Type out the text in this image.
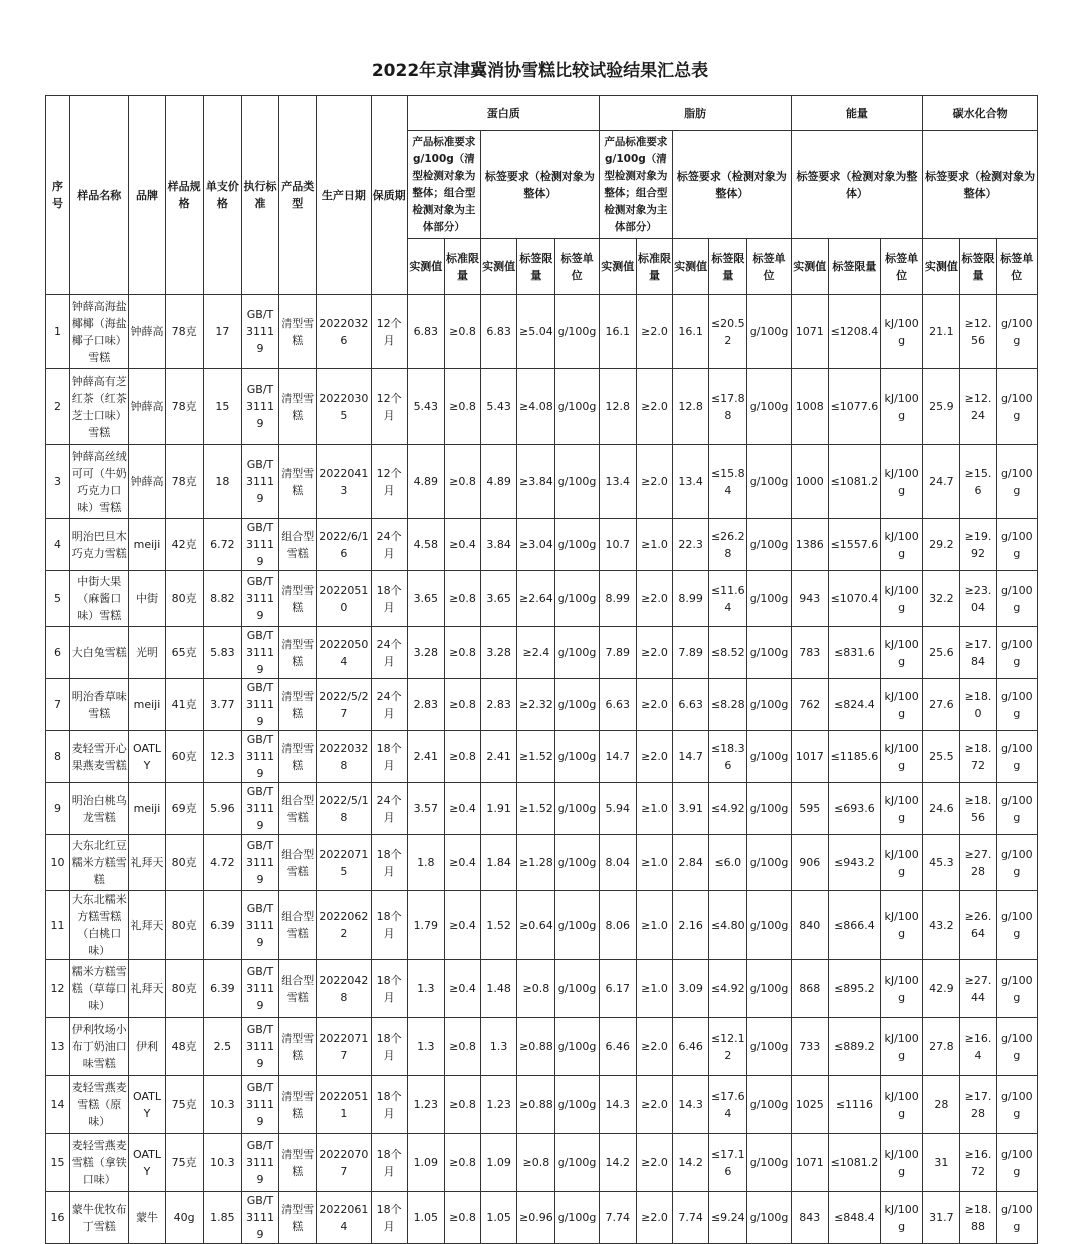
2022年京津冀消协雪糕比较试验结果汇总表
序号	样品名称	品牌	样品规格	单支价格	执行标准	产品类型	生产日期	保质期	蛋白质					脂肪					能量			碳水化合物		
									产品标准要求g/100g（清型检测对象为整体；组合型检测对象为主体部分）		标签要求（检测对象为整体）			产品标准要求g/100g（清型检测对象为整体；组合型检测对象为主体部分）		标签要求（检测对象为整体）			标签要求（检测对象为整体）			标签要求（检测对象为整体）		
									实测值	标准限量	实测值	标签限量	标签单位	实测值	标准限量	实测值	标签限量	标签单位	实测值	标签限量	标签单位	实测值	标签限量	标签单位
1	钟薛高海盐椰椰（海盐椰子口味）雪糕	钟薛高	78克	17	GB/T 31119	清型雪糕	20220326	12个月	6.83	≥0.8	6.83	≥5.04	g/100g	16.1	≥2.0	16.1	≤20.52	g/100g	1071	≤1208.4	kJ/100g	21.1	≥12.56	g/100g
2	钟薛高有芝红茶（红茶芝士口味）雪糕	钟薛高	78克	15	GB/T 31119	清型雪糕	20220305	12个月	5.43	≥0.8	5.43	≥4.08	g/100g	12.8	≥2.0	12.8	≤17.88	g/100g	1008	≤1077.6	kJ/100g	25.9	≥12.24	g/100g
3	钟薛高丝绒可可（牛奶巧克力口味）雪糕	钟薛高	78克	18	GB/T 31119	清型雪糕	20220413	12个月	4.89	≥0.8	4.89	≥3.84	g/100g	13.4	≥2.0	13.4	≤15.84	g/100g	1000	≤1081.2	kJ/100g	24.7	≥15.6	g/100g
4	明治巴旦木巧克力雪糕	meiji	42克	6.72	GB/T 31119	组合型雪糕	2022/6/16	24个月	4.58	≥0.4	3.84	≥3.04	g/100g	10.7	≥1.0	22.3	≤26.28	g/100g	1386	≤1557.6	kJ/100g	29.2	≥19.92	g/100g
5	中街大果（麻酱口味）雪糕	中街	80克	8.82	GB/T 31119	清型雪糕	20220510	18个月	3.65	≥0.8	3.65	≥2.64	g/100g	8.99	≥2.0	8.99	≤11.64	g/100g	943	≤1070.4	kJ/100g	32.2	≥23.04	g/100g
6	大白兔雪糕	光明	65克	5.83	GB/T 31119	清型雪糕	20220504	24个月	3.28	≥0.8	3.28	≥2.4	g/100g	7.89	≥2.0	7.89	≤8.52	g/100g	783	≤831.6	kJ/100g	25.6	≥17.84	g/100g
7	明治香草味雪糕	meiji	41克	3.77	GB/T 31119	清型雪糕	2022/5/27	24个月	2.83	≥0.8	2.83	≥2.32	g/100g	6.63	≥2.0	6.63	≤8.28	g/100g	762	≤824.4	kJ/100g	27.6	≥18.0	g/100g
8	麦轻雪开心果燕麦雪糕	OATLY	60克	12.3	GB/T 31119	清型雪糕	20220328	18个月	2.41	≥0.8	2.41	≥1.52	g/100g	14.7	≥2.0	14.7	≤18.36	g/100g	1017	≤1185.6	kJ/100g	25.5	≥18.72	g/100g
9	明治白桃乌龙雪糕	meiji	69克	5.96	GB/T 31119	组合型雪糕	2022/5/18	24个月	3.57	≥0.4	1.91	≥1.52	g/100g	5.94	≥1.0	3.91	≤4.92	g/100g	595	≤693.6	kJ/100g	24.6	≥18.56	g/100g
10	大东北红豆糯米方糕雪糕	礼拜天	80克	4.72	GB/T 31119	组合型雪糕	20220715	18个月	1.8	≥0.4	1.84	≥1.28	g/100g	8.04	≥1.0	2.84	≤6.0	g/100g	906	≤943.2	kJ/100g	45.3	≥27.28	g/100g
11	大东北糯米方糕雪糕（白桃口味）	礼拜天	80克	6.39	GB/T 31119	组合型雪糕	20220622	18个月	1.79	≥0.4	1.52	≥0.64	g/100g	8.06	≥1.0	2.16	≤4.80	g/100g	840	≤866.4	kJ/100g	43.2	≥26.64	g/100g
12	糯米方糕雪糕（草莓口味）	礼拜天	80克	6.39	GB/T 31119	组合型雪糕	20220428	18个月	1.3	≥0.4	1.48	≥0.8	g/100g	6.17	≥1.0	3.09	≤4.92	g/100g	868	≤895.2	kJ/100g	42.9	≥27.44	g/100g
13	伊利牧场小布丁奶油口味雪糕	伊利	48克	2.5	GB/T 31119	清型雪糕	20220717	18个月	1.3	≥0.8	1.3	≥0.88	g/100g	6.46	≥2.0	6.46	≤12.12	g/100g	733	≤889.2	kJ/100g	27.8	≥16.4	g/100g
14	麦轻雪燕麦雪糕（原味）	OATLY	75克	10.3	GB/T 31119	清型雪糕	20220511	18个月	1.23	≥0.8	1.23	≥0.88	g/100g	14.3	≥2.0	14.3	≤17.64	g/100g	1025	≤1116	kJ/100g	28	≥17.28	g/100g
15	麦轻雪燕麦雪糕（拿铁口味）	OATLY	75克	10.3	GB/T 31119	清型雪糕	20220707	18个月	1.09	≥0.8	1.09	≥0.8	g/100g	14.2	≥2.0	14.2	≤17.16	g/100g	1071	≤1081.2	kJ/100g	31	≥16.72	g/100g
16	蒙牛优牧布丁雪糕	蒙牛	40g	1.85	GB/T 31119	清型雪糕	20220614	18个月	1.05	≥0.8	1.05	≥0.96	g/100g	7.74	≥2.0	7.74	≤9.24	g/100g	843	≤848.4	kJ/100g	31.7	≥18.88	g/100g
